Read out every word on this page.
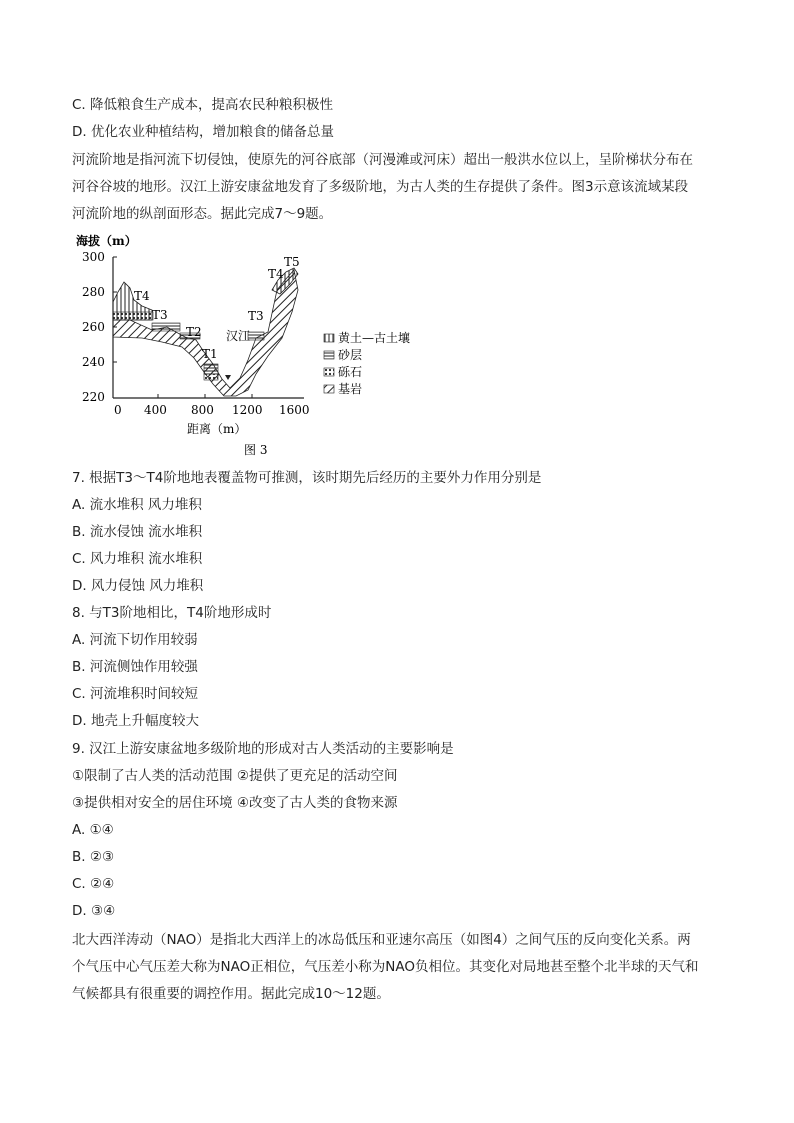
C. 降低粮食生产成本，提高农民种粮积极性
D. 优化农业种植结构，增加粮食的储备总量
河流阶地是指河流下切侵蚀，使原先的河谷底部（河漫滩或河床）超出一般洪水位以上，呈阶梯状分布在
河谷谷坡的地形。汉江上游安康盆地发育了多级阶地，为古人类的生存提供了条件。图3示意该流域某段
河流阶地的纵剖面形态。据此完成7～9题。
海拔（m）
300
280
260
240
220
0 400 800 1200 1600
距离（m）
图 3
T4
T3
T2
T1
T3
T4
T5
汉江	黄土—古土壤
砂层
砾石
基岩
7. 根据T3～T4阶地地表覆盖物可推测，该时期先后经历的主要外力作用分别是
A. 流水堆积 风力堆积
B. 流水侵蚀 流水堆积
C. 风力堆积 流水堆积
D. 风力侵蚀 风力堆积
8. 与T3阶地相比，T4阶地形成时
A. 河流下切作用较弱
B. 河流侧蚀作用较强
C. 河流堆积时间较短
D. 地壳上升幅度较大
9. 汉江上游安康盆地多级阶地的形成对古人类活动的主要影响是
①限制了古人类的活动范围 ②提供了更充足的活动空间
③提供相对安全的居住环境 ④改变了古人类的食物来源
A. ①④
B. ②③
C. ②④
D. ③④
北大西洋涛动（NAO）是指北大西洋上的冰岛低压和亚速尔高压（如图4）之间气压的反向变化关系。两
个气压中心气压差大称为NAO正相位，气压差小称为NAO负相位。其变化对局地甚至整个北半球的天气和
气候都具有很重要的调控作用。据此完成10～12题。
